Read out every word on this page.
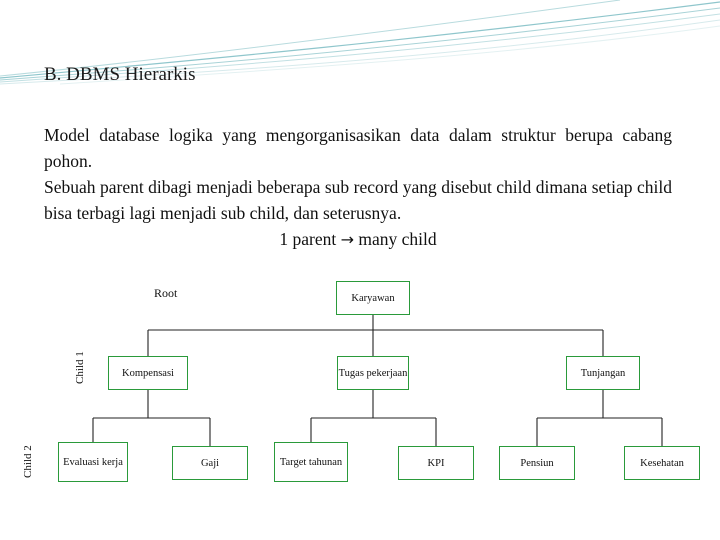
B. DBMS Hierarkis

Model database logika yang mengorganisasikan data dalam struktur berupa cabang pohon.

Sebuah parent dibagi menjadi beberapa sub record yang disebut child dimana setiap child bisa terbagi lagi menjadi sub child, dan seterusnya.

1 parent → many child

Root
Child 1
Child 2
Karyawan
Kompensasi	Tugas pekerjaan	Tunjangan
Evaluasi kerja	Gaji	Target tahunan	KPI	Pensiun	Kesehatan
